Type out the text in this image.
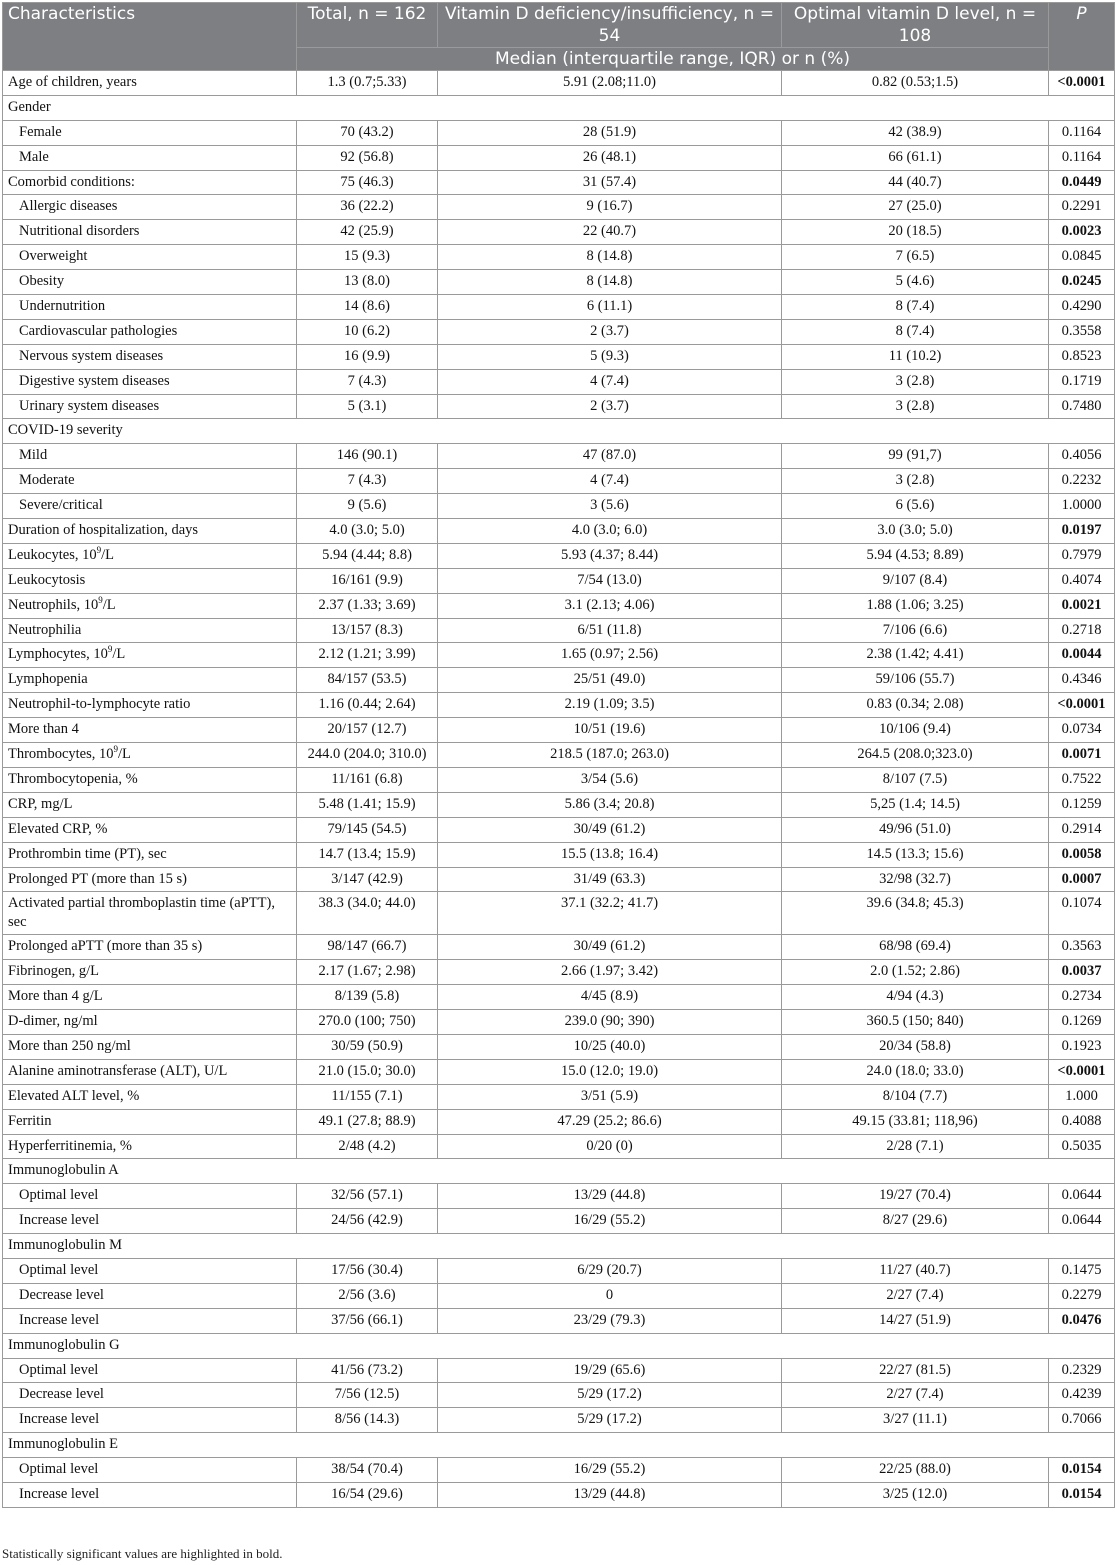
Characteristics	Total, n = 162	Vitamin D deficiency/insufficiency, n = 54	Optimal vitamin D level, n = 108	P
	Median (interquartile range, IQR) or n (%)			
Age of children, years	1.3 (0.7;5.33)	5.91 (2.08;11.0)	0.82 (0.53;1.5)	<0.0001
Gender				
Female	70 (43.2)	28 (51.9)	42 (38.9)	0.1164
Male	92 (56.8)	26 (48.1)	66 (61.1)	0.1164
Comorbid conditions:	75 (46.3)	31 (57.4)	44 (40.7)	0.0449
Allergic diseases	36 (22.2)	9 (16.7)	27 (25.0)	0.2291
Nutritional disorders	42 (25.9)	22 (40.7)	20 (18.5)	0.0023
Overweight	15 (9.3)	8 (14.8)	7 (6.5)	0.0845
Obesity	13 (8.0)	8 (14.8)	5 (4.6)	0.0245
Undernutrition	14 (8.6)	6 (11.1)	8 (7.4)	0.4290
Cardiovascular pathologies	10 (6.2)	2 (3.7)	8 (7.4)	0.3558
Nervous system diseases	16 (9.9)	5 (9.3)	11 (10.2)	0.8523
Digestive system diseases	7 (4.3)	4 (7.4)	3 (2.8)	0.1719
Urinary system diseases	5 (3.1)	2 (3.7)	3 (2.8)	0.7480
COVID-19 severity				
Mild	146 (90.1)	47 (87.0)	99 (91,7)	0.4056
Moderate	7 (4.3)	4 (7.4)	3 (2.8)	0.2232
Severe/critical	9 (5.6)	3 (5.6)	6 (5.6)	1.0000
Duration of hospitalization, days	4.0 (3.0; 5.0)	4.0 (3.0; 6.0)	3.0 (3.0; 5.0)	0.0197
Leukocytes, $10^9/L$	5.94 (4.44; 8.8)	5.93 (4.37; 8.44)	5.94 (4.53; 8.89)	0.7979
Leukocytosis	16/161 (9.9)	7/54 (13.0)	9/107 (8.4)	0.4074
Neutrophils, $10^9/L$	2.37 (1.33; 3.69)	3.1 (2.13; 4.06)	1.88 (1.06; 3.25)	0.0021
Neutrophilia	13/157 (8.3)	6/51 (11.8)	7/106 (6.6)	0.2718
Lymphocytes, $10^9/L$	2.12 (1.21; 3.99)	1.65 (0.97; 2.56)	2.38 (1.42; 4.41)	0.0044
Lymphopenia	84/157 (53.5)	25/51 (49.0)	59/106 (55.7)	0.4346
Neutrophil-to-lymphocyte ratio	1.16 (0.44; 2.64)	2.19 (1.09; 3.5)	0.83 (0.34; 2.08)	<0.0001
More than 4	20/157 (12.7)	10/51 (19.6)	10/106 (9.4)	0.0734
Thrombocytes, $10^9/L$	244.0 (204.0; 310.0)	218.5 (187.0; 263.0)	264.5 (208.0;323.0)	0.0071
Thrombocytopenia, %	11/161 (6.8)	3/54 (5.6)	8/107 (7.5)	0.7522
CRP, mg/L	5.48 (1.41; 15.9)	5.86 (3.4; 20.8)	5,25 (1.4; 14.5)	0.1259
Elevated CRP, %	79/145 (54.5)	30/49 (61.2)	49/96 (51.0)	0.2914
Prothrombin time (PT), sec	14.7 (13.4; 15.9)	15.5 (13.8; 16.4)	14.5 (13.3; 15.6)	0.0058
Prolonged PT (more than 15 s)	3/147 (42.9)	31/49 (63.3)	32/98 (32.7)	0.0007
Activated partial thromboplastin time (aPTT), sec	38.3 (34.0; 44.0)	37.1 (32.2; 41.7)	39.6 (34.8; 45.3)	0.1074
Prolonged aPTT (more than 35 s)	98/147 (66.7)	30/49 (61.2)	68/98 (69.4)	0.3563
Fibrinogen, g/L	2.17 (1.67; 2.98)	2.66 (1.97; 3.42)	2.0 (1.52; 2.86)	0.0037
More than 4 g/L	8/139 (5.8)	4/45 (8.9)	4/94 (4.3)	0.2734
D-dimer, ng/ml	270.0 (100; 750)	239.0 (90; 390)	360.5 (150; 840)	0.1269
More than 250 ng/ml	30/59 (50.9)	10/25 (40.0)	20/34 (58.8)	0.1923
Alanine aminotransferase (ALT), U/L	21.0 (15.0; 30.0)	15.0 (12.0; 19.0)	24.0 (18.0; 33.0)	<0.0001
Elevated ALT level, %	11/155 (7.1)	3/51 (5.9)	8/104 (7.7)	1.000
Ferritin	49.1 (27.8; 88.9)	47.29 (25.2; 86.6)	49.15 (33.81; 118,96)	0.4088
Hyperferritinemia, %	2/48 (4.2)	0/20 (0)	2/28 (7.1)	0.5035
Immunoglobulin A				
Optimal level	32/56 (57.1)	13/29 (44.8)	19/27 (70.4)	0.0644
Increase level	24/56 (42.9)	16/29 (55.2)	8/27 (29.6)	0.0644
Immunoglobulin M				
Optimal level	17/56 (30.4)	6/29 (20.7)	11/27 (40.7)	0.1475
Decrease level	2/56 (3.6)	0	2/27 (7.4)	0.2279
Increase level	37/56 (66.1)	23/29 (79.3)	14/27 (51.9)	0.0476
Immunoglobulin G				
Optimal level	41/56 (73.2)	19/29 (65.6)	22/27 (81.5)	0.2329
Decrease level	7/56 (12.5)	5/29 (17.2)	2/27 (7.4)	0.4239
Increase level	8/56 (14.3)	5/29 (17.2)	3/27 (11.1)	0.7066
Immunoglobulin E				
Optimal level	38/54 (70.4)	16/29 (55.2)	22/25 (88.0)	0.0154
Increase level	16/54 (29.6)	13/29 (44.8)	3/25 (12.0)	0.0154
Statistically significant values are highlighted in bold.
